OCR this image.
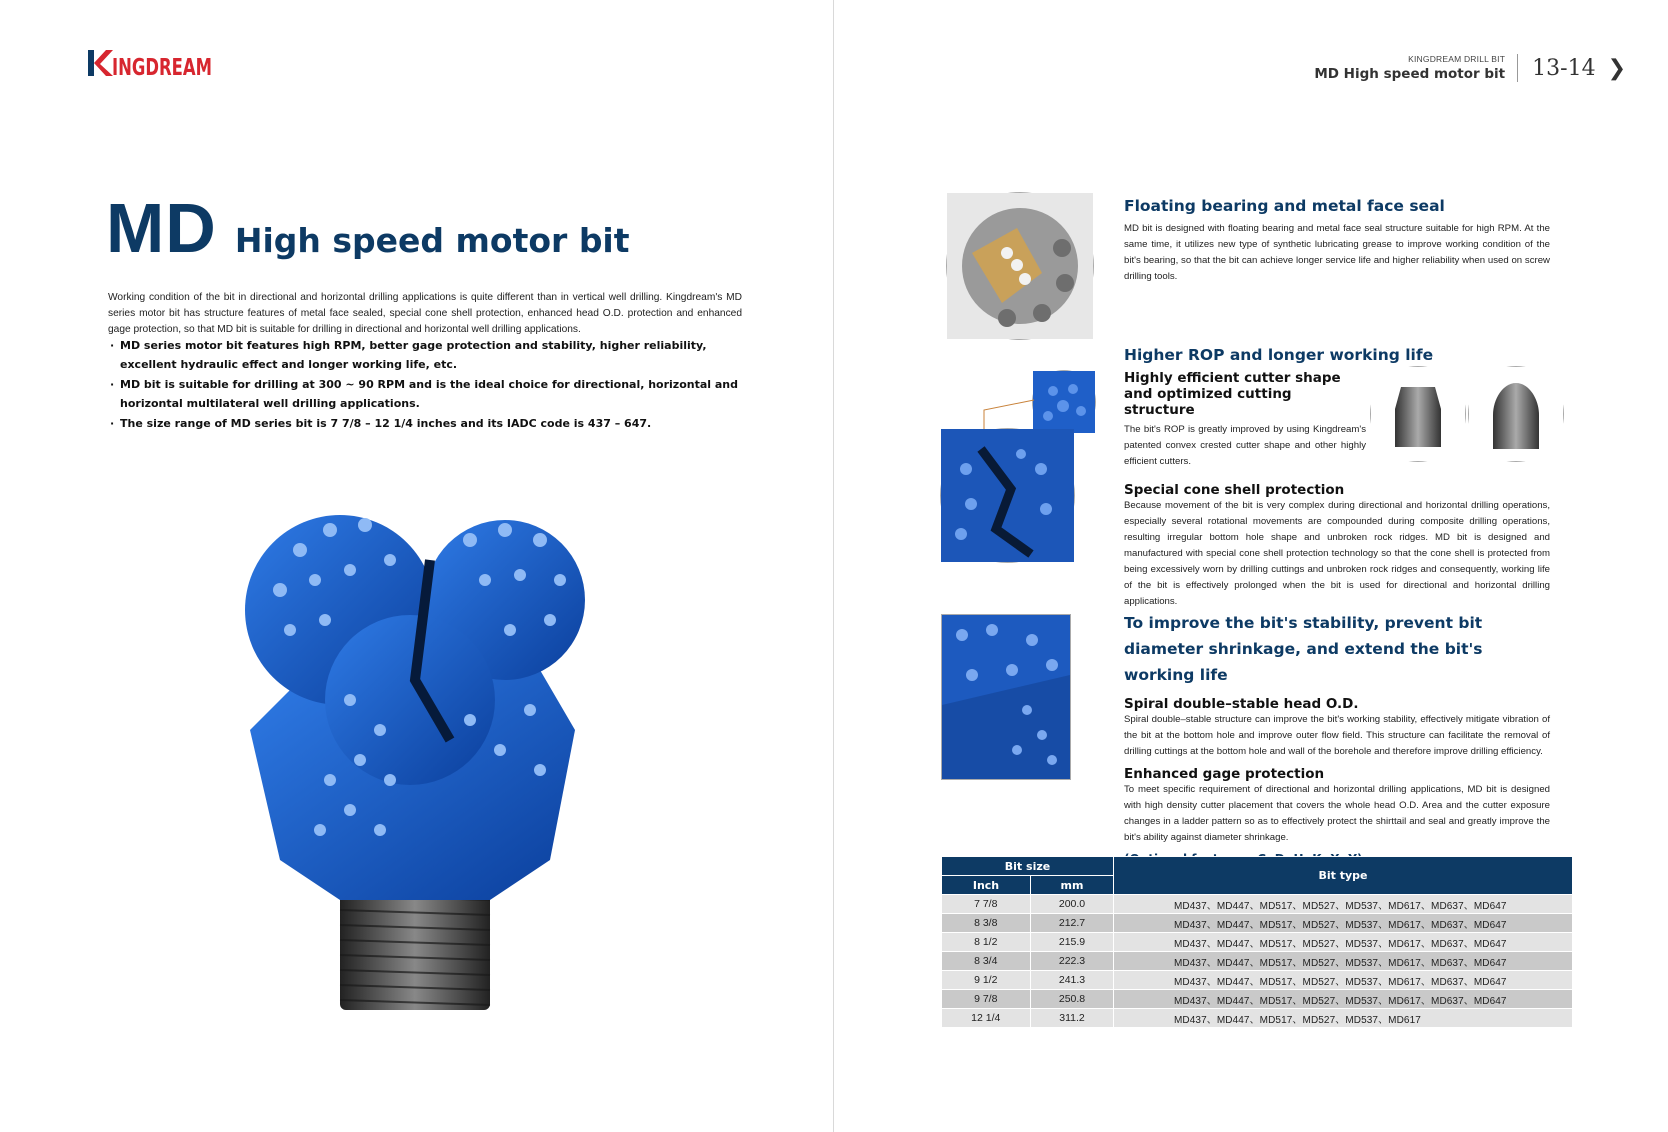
INGDREAM
MD High speed motor bit

Working condition of the bit in directional and horizontal drilling applications is quite different than in vertical well drilling. Kingdream's MD series motor bit has structure features of metal face sealed, special cone shell protection, enhanced head O.D. protection and enhanced gage protection, so that MD bit is suitable for drilling in directional and horizontal well drilling applications.

· MD series motor bit features high RPM, better gage protection and stability, higher reliability, excellent hydraulic effect and longer working life, etc.
· MD bit is suitable for drilling at 300 ~ 90 RPM and is the ideal choice for directional, horizontal and horizontal multilateral well drilling applications.
· The size range of MD series bit is 7 7/8 – 12 1/4 inches and its IADC code is 437 – 647.
KINGDREAM DRILL BIT
MD High speed motor bit	13-14 ❯
Floating bearing and metal face seal

MD bit is designed with floating bearing and metal face seal structure suitable for high RPM. At the same time, it utilizes new type of synthetic lubricating grease to improve working condition of the bit's bearing, so that the bit can achieve longer service life and higher reliability when used on screw drilling tools.

Higher ROP and longer working life
Highly efficient cutter shape and optimized cutting structure

The bit's ROP is greatly improved by using Kingdream's patented convex crested cutter shape and other highly efficient cutters.

Special cone shell protection

Because movement of the bit is very complex during directional and horizontal drilling operations, especially several rotational movements are compounded during composite drilling operations, resulting irregular bottom hole shape and unbroken rock ridges. MD bit is designed and manufactured with special cone shell protection technology so that the cone shell is protected from being excessively worn by drilling cuttings and unbroken rock ridges and consequently, working life of the bit is effectively prolonged when the bit is used for directional and horizontal drilling applications.

To improve the bit's stability, prevent bit diameter shrinkage, and extend the bit's working life
Spiral double–stable head O.D.

Spiral double–stable structure can improve the bit's working stability, effectively mitigate vibration of the bit at the bottom hole and improve outer flow field. This structure can facilitate the removal of drilling cuttings at the bottom hole and wall of the borehole and therefore improve drilling efficiency.

Enhanced gage protection

To meet specific requirement of directional and horizontal drilling applications, MD bit is designed with high density cutter placement that covers the whole head O.D. Area and the cutter exposure changes in a ladder pattern so as to effectively protect the shirttail and seal and greatly improve the bit's ability against diameter shrinkage.

Bit size		Bit type
Inch	mm	
7 7/8	200.0	MD437、MD447、MD517、MD527、MD537、MD617、MD637、MD647
8 3/8	212.7	MD437、MD447、MD517、MD527、MD537、MD617、MD637、MD647
8 1/2	215.9	MD437、MD447、MD517、MD527、MD537、MD617、MD637、MD647
8 3/4	222.3	MD437、MD447、MD517、MD527、MD537、MD617、MD637、MD647
9 1/2	241.3	MD437、MD447、MD517、MD527、MD537、MD617、MD637、MD647
9 7/8	250.8	MD437、MD447、MD517、MD527、MD537、MD617、MD637、MD647
12 1/4	311.2	MD437、MD447、MD517、MD527、MD537、MD617
